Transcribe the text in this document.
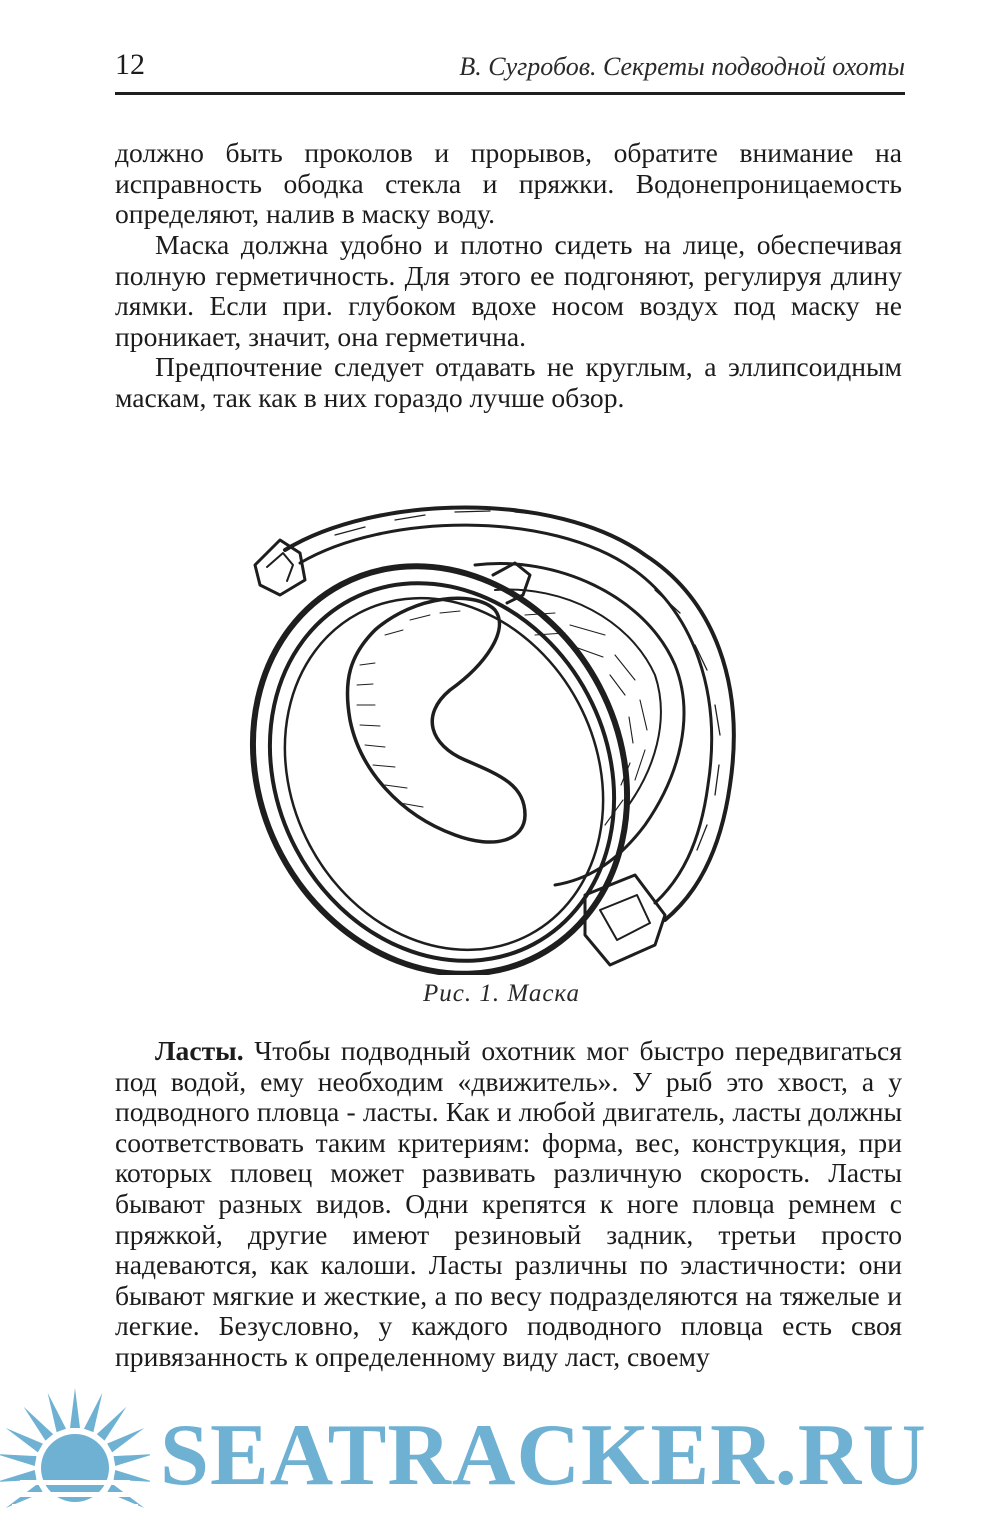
12	В. Сугробов. Секреты подводной охоты

должно быть проколов и прорывов, обратите внимание на исправность ободка стекла и пряжки. Водонепроницаемость определяют, налив в маску воду.

Маска должна удобно и плотно сидеть на лице, обеспечивая полную герметичность. Для этого ее подгоняют, регулируя длину лямки. Если при. глубоком вдохе носом воздух под маску не проникает, значит, она герметична.

Предпочтение следует отдавать не круглым, а эллипсоидным маскам, так как в них гораздо лучше обзор.

Рис. 1. Маска

Ласты. Чтобы подводный охотник мог быстро передвигаться под водой, ему необходим «движитель». У рыб это хвост, а у подводного пловца - ласты. Как и любой двигатель, ласты должны соответствовать таким критериям: форма, вес, конструкция, при которых пловец может развивать различную скорость. Ласты бывают разных видов. Одни крепятся к ноге пловца ремнем с пряжкой, другие имеют резиновый задник, третьи просто надеваются, как калоши. Ласты различны по эластичности: они бывают мягкие и жесткие, а по весу подразделяются на тяжелые и легкие. Безусловно, у каждого подводного пловца есть своя привязанность к определенному виду ласт, своему

SEATRACKER.RU
